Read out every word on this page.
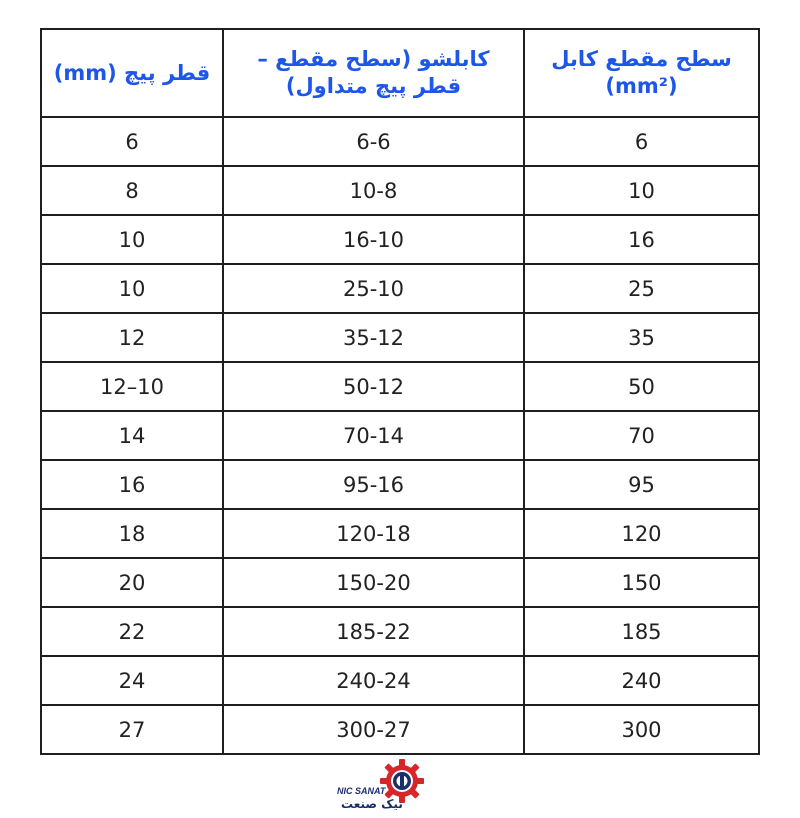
قطر پیچ (mm)	کابلشو (سطح مقطع – قطر پیچ متداول)	سطح مقطع کابل (mm²)
6	6-6	6
8	10-8	10
10	16-10	16
10	25-10	25
12	35-12	35
12–10	50-12	50
14	70-14	70
16	95-16	95
18	120-18	120
20	150-20	150
22	185-22	185
24	240-24	240
27	300-27	300
NIC SANAT
نیک صنعت
